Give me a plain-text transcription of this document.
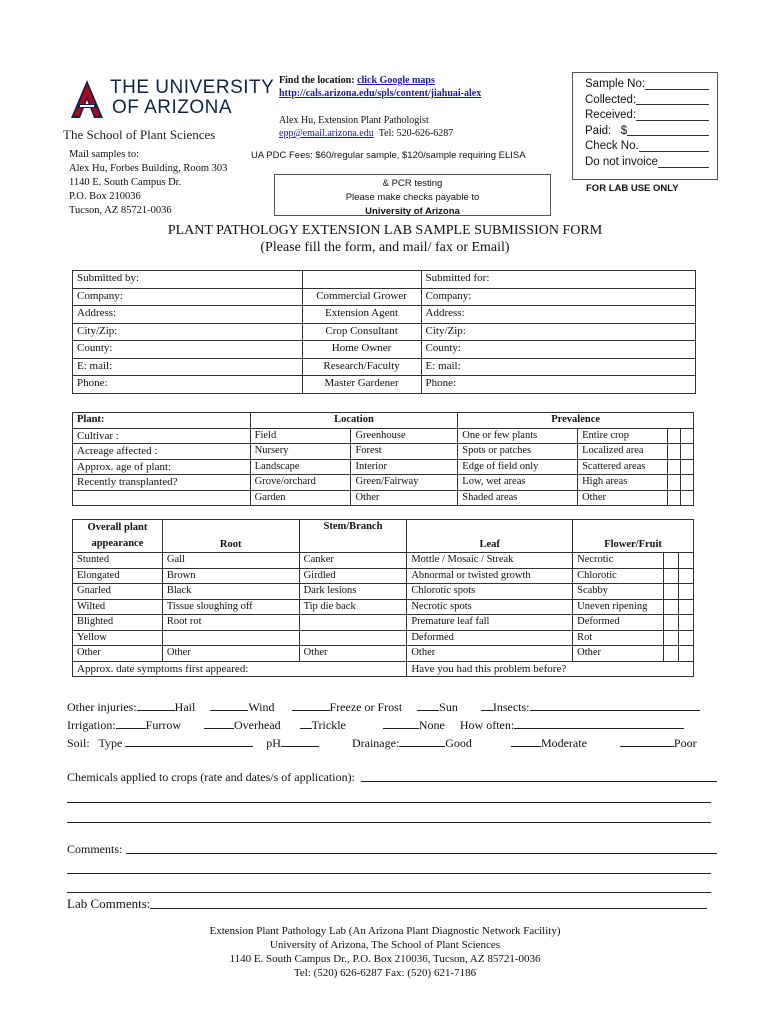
THE UNIVERSITY
OF ARIZONA
The School of Plant Sciences
Mail samples to:
Alex Hu, Forbes Building, Room 303
1140 E. South Campus Dr.
P.O. Box 210036
Tucson, AZ 85721-0036
Find the location: click Google maps
http://cals.arizona.edu/spls/content/jiahuai-alex
Alex Hu, Extension Plant Pathologist
epp@email.arizona.edu Tel: 520-626-6287
UA PDC Fees: $60/regular sample, $120/sample requiring ELISA
& PCR testing
Please make checks payable to
University of Arizona
Sample No:
Collected:
Received:
Paid:   $
Check No.
Do not invoice
FOR LAB USE ONLY
PLANT PATHOLOGY EXTENSION LAB SAMPLE SUBMISSION FORM
(Please fill the form, and mail/ fax or Email)
Submitted by:		Submitted for:
Company:	Commercial Grower	Company:
Address:	Extension Agent	Address:
City/Zip:	Crop Consultant	City/Zip:
County:	Home Owner	County:
E: mail:	Research/Faculty	E: mail:
Phone:	Master Gardener	Phone:
Plant:	Location		Prevalence			
Cultivar :	Field	Greenhouse	One or few plants	Entire crop		
Acreage affected :	Nursery	Forest	Spots or patches	Localized area		
Approx. age of plant:	Landscape	Interior	Edge of field only	Scattered areas		
Recently transplanted?	Grove/orchard	Green/Fairway	Low, wet areas	High areas		
	Garden	Other	Shaded areas	Other		
Overall plant
appearance	Root	Stem/Branch	Leaf	Flower/Fruit		
Stunted	Gall	Canker	Mottle / Mosaic / Streak	Necrotic		
Elongated	Brown	Girdled	Abnormal or twisted growth	Chlorotic		
Gnarled	Black	Dark lesions	Chlorotic spots	Scabby		
Wilted	Tissue sloughing off	Tip die back	Necrotic spots	Uneven ripening		
Blighted	Root rot		Premature leaf fall	Deformed		
Yellow			Deformed	Rot		
Other	Other	Other	Other	Other		
Approx. date symptoms first appeared:			Have you had this problem before?			
Other injuries:	Hail	Wind	Freeze or Frost	Sun	Insects:
Irrigation:	Furrow	Overhead	Trickle	None How often:
Soil:   Type	pH	Drainage:	Good	Moderate	Poor
Chemicals applied to crops (rate and dates/s of application):
Comments:
Lab Comments:
Extension Plant Pathology Lab (An Arizona Plant Diagnostic Network Facility)
University of Arizona, The School of Plant Sciences
1140 E. South Campus Dr., P.O. Box 210036, Tucson, AZ 85721-0036
Tel: (520) 626-6287 Fax: (520) 621-7186
